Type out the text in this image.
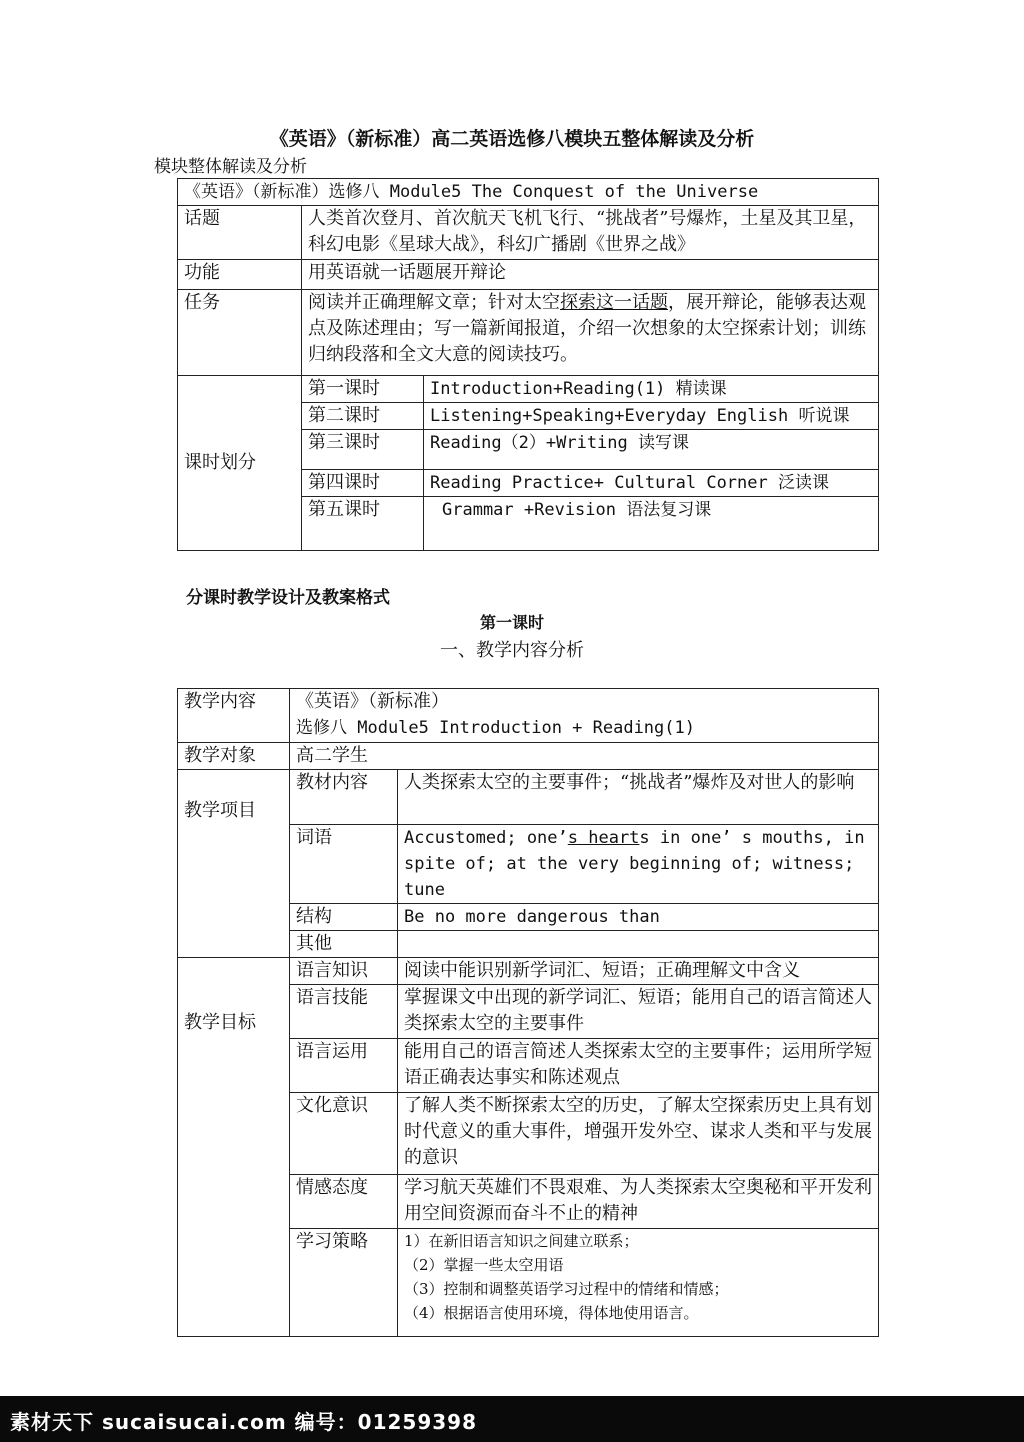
《英语》（新标准）高二英语选修八模块五整体解读及分析
模块整体解读及分析
《英语》（新标准）选修八 Module5 The Conquest of the Universe		
话题	人类首次登月、首次航天飞机飞行、“挑战者”号爆炸，土星及其卫星，科幻电影《星球大战》，科幻广播剧《世界之战》	
功能	用英语就一话题展开辩论	
任务	阅读并正确理解文章；针对太空探索这一话题，展开辩论，能够表达观点及陈述理由；写一篇新闻报道，介绍一次想象的太空探索计划；训练归纳段落和全文大意的阅读技巧。	
课时划分	第一课时	Introduction+Reading(1) 精读课
	第二课时	Listening+Speaking+Everyday English 听说课
	第三课时	Reading（2）+Writing 读写课
	第四课时	Reading Practice+ Cultural Corner 泛读课
	第五课时	Grammar +Revision 语法复习课
分课时教学设计及教案格式
第一课时
一、教学内容分析
教学内容	《英语》（新标准）
选修八 Module5 Introduction + Reading(1)	

教学对象	高二学生	
教学项目	教材内容	人类探索太空的主要事件；“挑战者”爆炸及对世人的影响
	词语	Accustomed; one’s hearts in one’ s mouths, in spite of; at the very beginning of; witness; tune
	结构	Be no more dangerous than
	其他	
教学目标	语言知识	阅读中能识别新学词汇、短语；正确理解文中含义
	语言技能	掌握课文中出现的新学词汇、短语；能用自己的语言简述人类探索太空的主要事件
	语言运用	能用自己的语言简述人类探索太空的主要事件；运用所学短语正确表达事实和陈述观点
	文化意识	了解人类不断探索太空的历史，了解太空探索历史上具有划时代意义的重大事件，增强开发外空、谋求人类和平与发展的意识
	情感态度	学习航天英雄们不畏艰难、为人类探索太空奥秘和平开发利用空间资源而奋斗不止的精神
	学习策略	1）在新旧语言知识之间建立联系；
（2）掌握一些太空用语
（3）控制和调整英语学习过程中的情绪和情感；
（4）根据语言使用环境，得体地使用语言。
素材天下 sucaisucai.com 编号：01259398
